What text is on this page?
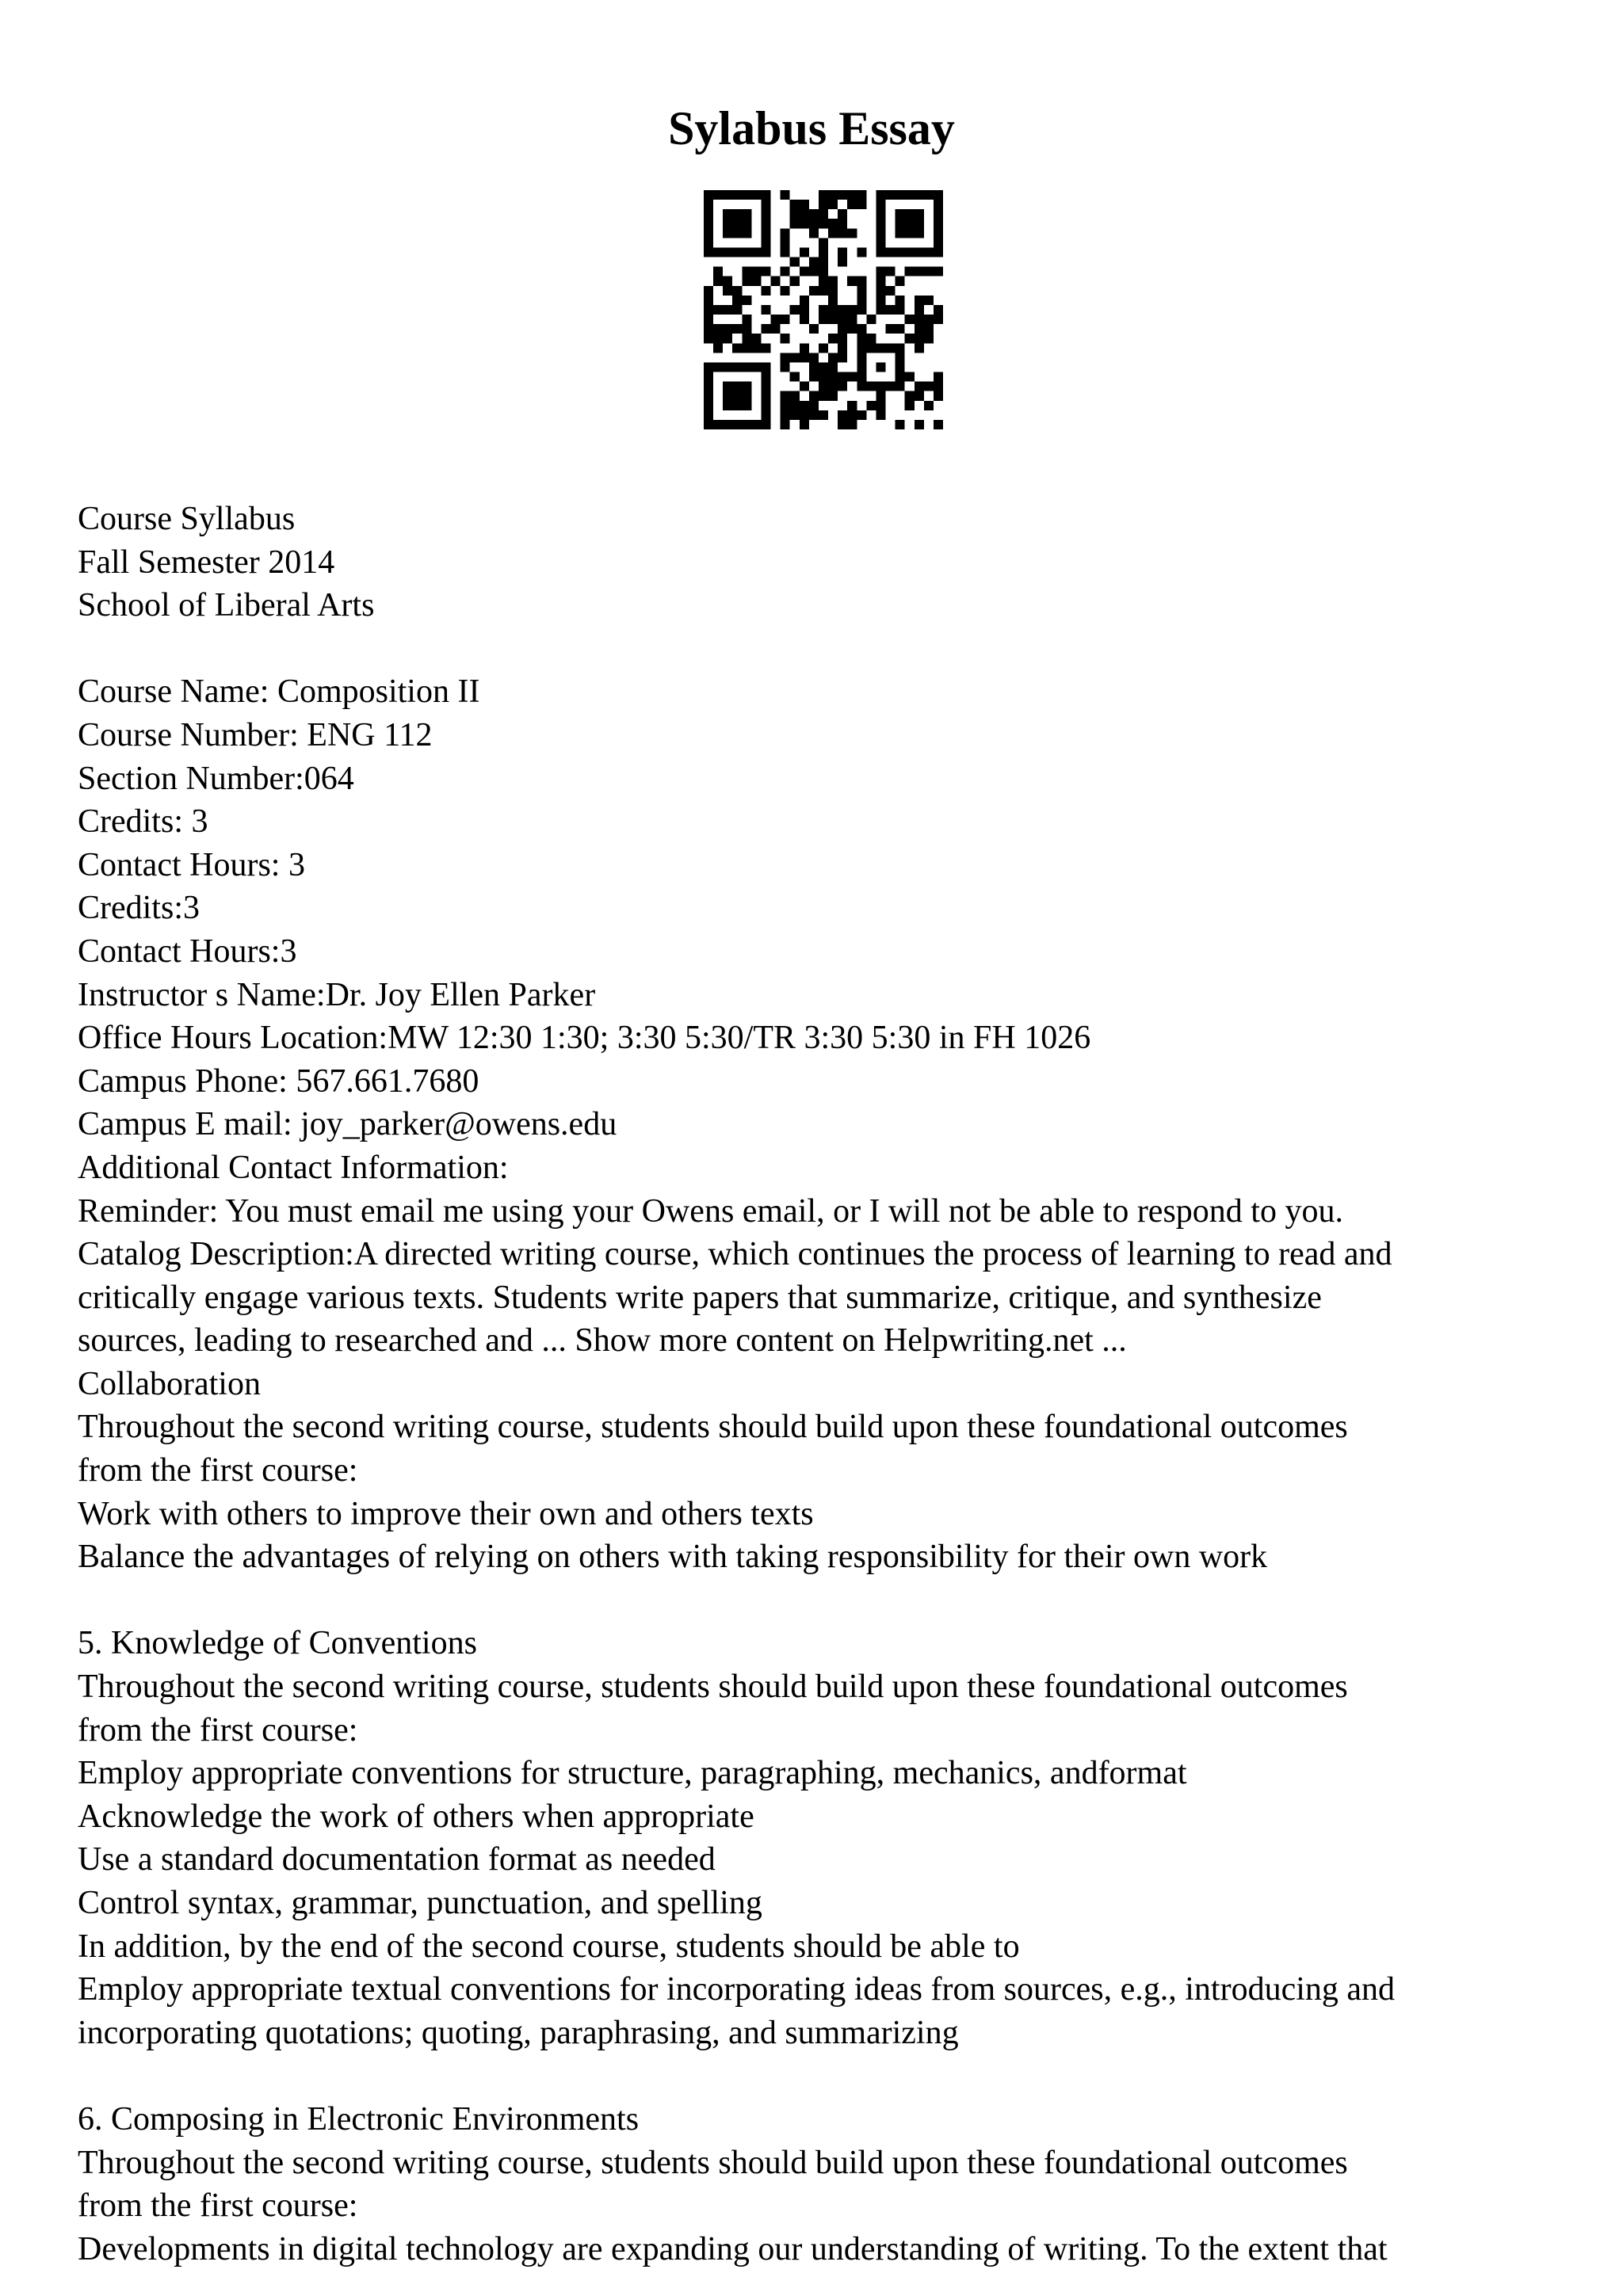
Sylabus Essay
Course Syllabus
Fall Semester 2014
School of Liberal Arts
Course Name: Composition II
Course Number: ENG 112
Section Number:064
Credits: 3
Contact Hours: 3
Credits:3
Contact Hours:3
Instructor s Name:Dr. Joy Ellen Parker
Office Hours Location:MW 12:30 1:30; 3:30 5:30/TR 3:30 5:30 in FH 1026
Campus Phone: 567.661.7680
Campus E mail: joy_parker@owens.edu
Additional Contact Information:
Reminder: You must email me using your Owens email, or I will not be able to respond to you.
Catalog Description:A directed writing course, which continues the process of learning to read and
critically engage various texts. Students write papers that summarize, critique, and synthesize
sources, leading to researched and ... Show more content on Helpwriting.net ...
Collaboration
Throughout the second writing course, students should build upon these foundational outcomes
from the first course:
Work with others to improve their own and others texts
Balance the advantages of relying on others with taking responsibility for their own work
5. Knowledge of Conventions
Throughout the second writing course, students should build upon these foundational outcomes
from the first course:
Employ appropriate conventions for structure, paragraphing, mechanics, andformat
Acknowledge the work of others when appropriate
Use a standard documentation format as needed
Control syntax, grammar, punctuation, and spelling
In addition, by the end of the second course, students should be able to
Employ appropriate textual conventions for incorporating ideas from sources, e.g., introducing and
incorporating quotations; quoting, paraphrasing, and summarizing
6. Composing in Electronic Environments
Throughout the second writing course, students should build upon these foundational outcomes
from the first course:
Developments in digital technology are expanding our understanding of writing. To the extent that
